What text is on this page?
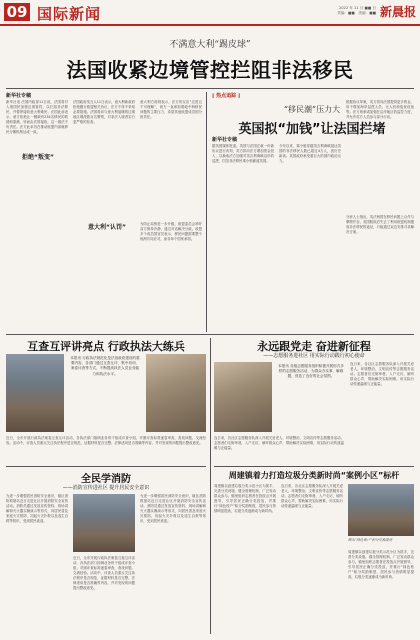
09 国际新闻	2022 年 11 月 ■■ 日
责编：■■　美编：■■ 新晨报
不满意大利“踢皮球”
法国收紧边境管控拦阻非法移民
新华社专稿
新华社电 法国内政部11日说，法国将对入境国民加强边境管控，以拦阻非法移民，并暂停接收意大利难民。法国此前表示，意方拒绝让一艘载有234名移民的救援船靠港，转而由法国接收，这一做法不负责任。法方此举旨在推动欧盟内部就移民分摊机制达成一致。
拒绝“叛变”
法国政府发言人11日表示，意大利新政府拒绝履行欧盟相关协议，法方不得不采取必要措施。法国将向与意大利接壤的边境地区增派数百名警察，对非法入境者实行更严格的检查。
意大利“认罚”
意大利方面则表示，法方的反应“过度且不可理解”，意方一直承担着地中海移民问题的主要压力，希望其他欧盟成员国分担责任。
为防止局势进一步升级，欧盟委员会呼吁双方保持冷静，通过对话解决分歧。欧盟多个成员国官员表示，移民问题需要整个欧洲共同应对，而非单个国家承担。
[ 热点追踪 ]
“移民潮”压力大
英国拟“加钱”让法国拦堵
新华社专稿
据英国媒体报道，英国与法国正就一份新协议进行谈判，英方拟向法方增加资金投入，以换取法方加强对英吉利海峡沿岸的巡逻，拦阻非法移民乘小船偷渡英国。
今年以来，乘小船穿越英吉利海峡抵达英国的非法移民人数已超过4万人，创历史新高。英国政府承受着巨大的国内政治压力。
根据协议草案，英方将向法国提供更多资金，用于增加海岸巡逻人员、无人机和夜视设备等。法方则承诺加强在沿岸地区的监控力度，并允许英方人员参与部分行动。
分析人士指出，英法两国在移民问题上合作与摩擦并存，英国脱欧后失去了利用欧盟机制遣返非法移民的途径，只能通过双边安排寻求解决方案。
互查互评讲亮点 行政执法大练兵
本报讯 行政执法规范化是法治政府建设的重要内容，各部门通过互查互评、集中培训、案卷评查等方式，不断提高执法人员业务能力和执法水平。
近日，全市开展行政执法案卷互查互评活动，各执法部门抽调业务骨干组成评查小组，对照评查标准逐卷审查，查找问题，交流经验。活动中，评查人员重点关注执法程序是否规范、证据材料是否完整、法律适用是否准确等内容，并对发现的问题提出整改意见。
全民学消防
——消防宣传进社区 提升居民安全意识
为进一步增强居民消防安全意识，辖区消防救援站近日走进社区开展消防安全宣传活动。消防员通过发放宣传资料、现场讲解和灭火器实操演示等形式，向居民普及家庭火灾预防、初起火灾扑救以及逃生自救等知识，受到居民欢迎。
近日，全市开展行政执法案卷互查互评活动，各执法部门抽调业务骨干组成评查小组，对照评查标准逐卷审查，查找问题，交流经验。活动中，评查人员重点关注执法程序是否规范、证据材料是否完整、法律适用是否准确等内容，并对发现的问题提出整改意见。
为进一步增强居民消防安全意识，辖区消防救援站近日走进社区开展消防安全宣传活动。消防员通过发放宣传资料、现场讲解和灭火器实操演示等形式，向居民普及家庭火灾预防、初起火灾扑救以及逃生自救等知识，受到居民欢迎。
永远跟党走 奋进新征程
——志愿服务进社区 用实际行动践行初心使命
本报讯 各级志愿服务组织积极开展形式多样的志愿服务活动，为群众办实事、解难题，营造了良好的社会氛围。
连日来，各社区志愿服务队深入开展关爱老人、环境整治、文明宣传等志愿服务活动。志愿者们走街串巷，入户走访，倾听群众心声，帮助解决实际困难，用实际行动传递温暖与正能量。
连日来，各社区志愿服务队深入开展关爱老人、环境整治、文明宣传等志愿服务活动。志愿者们走街串巷，入户走访，倾听群众心声，帮助解决实际困难，用实际行动传递温暖与正能量。
周建镇着力打造垃圾分类新时尚“案例小区”标杆
周建镇以创建垃圾分类示范小区为抓手，完善分类设施，健全管理机制，广泛发动群众参与。镇里组织志愿者在投放点开展督导，引导居民正确分类投放，并推行“绿色账户”积分奖励制度，居民参与热情明显提高，垃圾分类逐渐成为新时尚。
连日来，各社区志愿服务队深入开展关爱老人、环境整治、文明宣传等志愿服务活动。志愿者们走街串巷，入户走访，倾听群众心声，帮助解决实际困难，用实际行动传递温暖与正能量。
图为“绿色账户”积分兑换现场
周建镇以创建垃圾分类示范小区为抓手，完善分类设施，健全管理机制，广泛发动群众参与。镇里组织志愿者在投放点开展督导，引导居民正确分类投放，并推行“绿色账户”积分奖励制度，居民参与热情明显提高，垃圾分类逐渐成为新时尚。
